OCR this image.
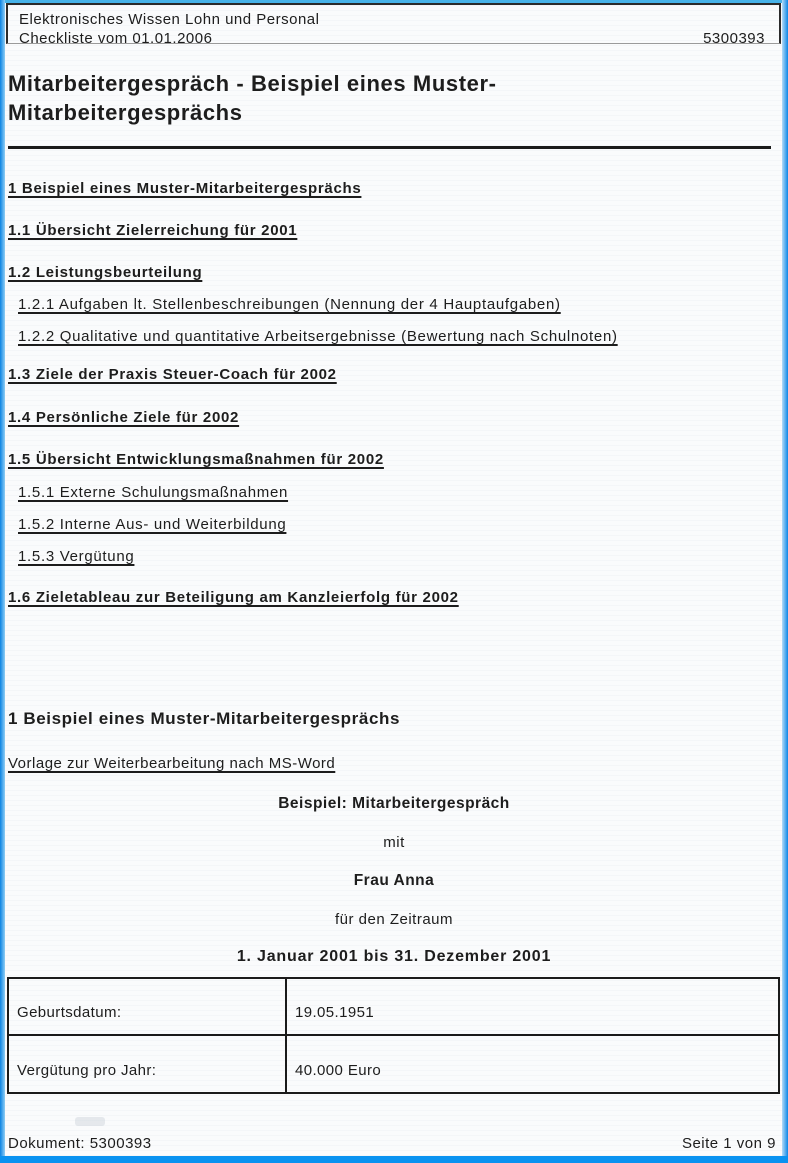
Elektronisches Wissen Lohn und Personal
Checkliste vom 01.01.2006	5300393
Mitarbeitergespräch - Beispiel eines Muster-Mitarbeitergesprächs
1 Beispiel eines Muster-Mitarbeitergesprächs
1.1 Übersicht Zielerreichung für 2001
1.2 Leistungsbeurteilung
1.2.1 Aufgaben lt. Stellenbeschreibungen (Nennung der 4 Hauptaufgaben)
1.2.2 Qualitative und quantitative Arbeitsergebnisse (Bewertung nach Schulnoten)
1.3 Ziele der Praxis Steuer-Coach für 2002
1.4 Persönliche Ziele für 2002
1.5 Übersicht Entwicklungsmaßnahmen für 2002
1.5.1 Externe Schulungsmaßnahmen
1.5.2 Interne Aus- und Weiterbildung
1.5.3 Vergütung
1.6 Zieletableau zur Beteiligung am Kanzleierfolg für 2002
1 Beispiel eines Muster-Mitarbeitergesprächs
Vorlage zur Weiterbearbeitung nach MS-Word
Beispiel: Mitarbeitergespräch
mit
Frau Anna
für den Zeitraum
1. Januar 2001 bis 31. Dezember 2001
Geburtsdatum:	19.05.1951
Vergütung pro Jahr:	40.000 Euro
Dokument: 5300393	Seite 1 von 9
